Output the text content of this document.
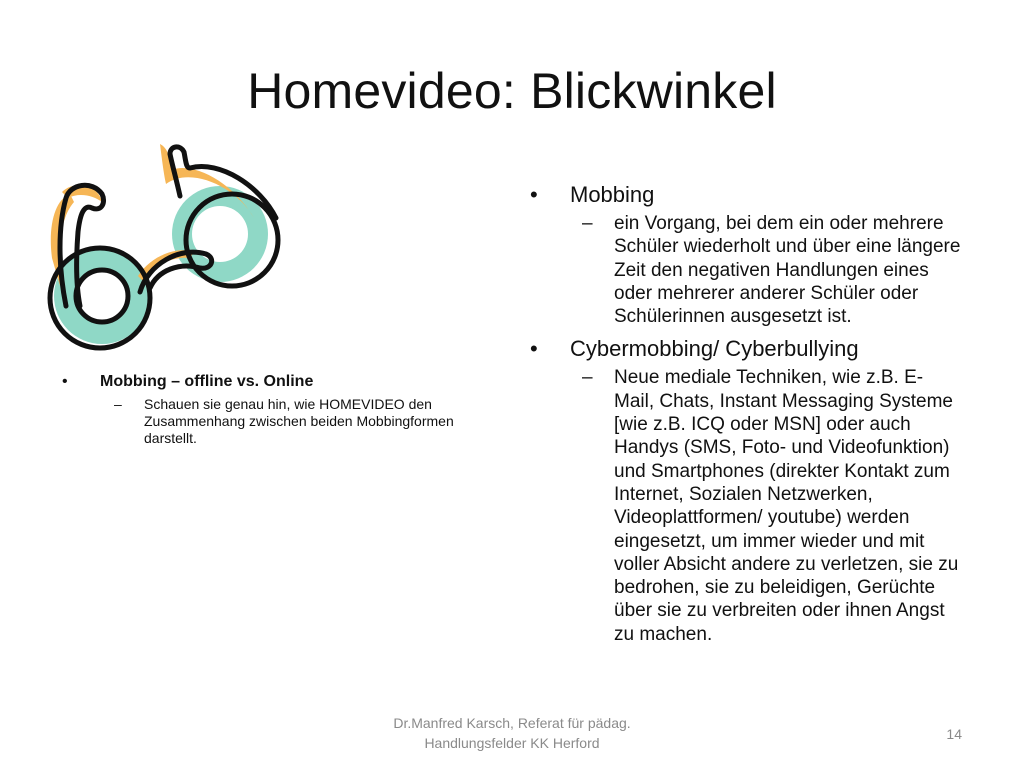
Homevideo: Blickwinkel
•	Mobbing – offline vs. Online
–	Schauen sie genau hin, wie HOMEVIDEO den Zusammenhang zwischen beiden Mobbingformen darstellt.
•	Mobbing
–	ein Vorgang, bei dem ein oder mehrere Schüler wiederholt und über eine längere Zeit den negativen Handlungen eines oder mehrerer anderer Schüler oder Schülerinnen ausgesetzt ist.
•	Cybermobbing/ Cyberbullying
–	Neue mediale Techniken, wie z.B. E-Mail, Chats, Instant Messaging Systeme [wie z.B. ICQ oder MSN] oder auch Handys (SMS, Foto- und Videofunktion) und Smartphones (direkter Kontakt zum Internet, Sozialen Netzwerken, Videoplattformen/ youtube) werden eingesetzt, um immer wieder und mit voller Absicht andere zu verletzen, sie zu bedrohen, sie zu beleidigen, Gerüchte über sie zu verbreiten oder ihnen Angst zu machen.
Dr.Manfred Karsch, Referat für pädag. Handlungsfelder KK Herford
14
